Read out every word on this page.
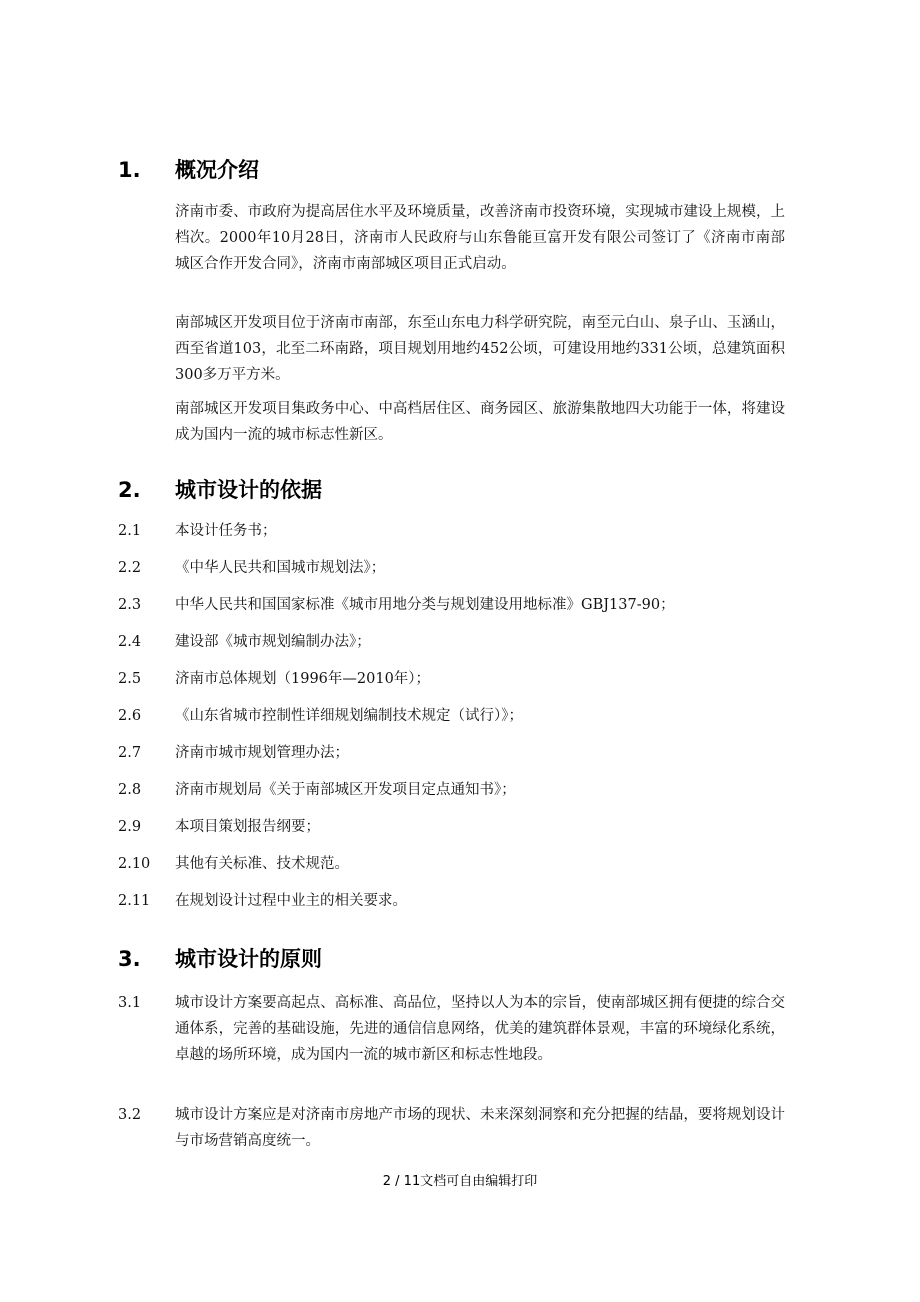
1. 概况介绍

济南市委、市政府为提高居住水平及环境质量，改善济南市投资环境，实现城市建设上规模，上档次。2000年10月28日，济南市人民政府与山东鲁能亘富开发有限公司签订了《济南市南部城区合作开发合同》，济南市南部城区项目正式启动。

南部城区开发项目位于济南市南部，东至山东电力科学研究院，南至元白山、泉子山、玉涵山，西至省道103，北至二环南路，项目规划用地约452公顷，可建设用地约331公顷，总建筑面积300多万平方米。

南部城区开发项目集政务中心、中高档居住区、商务园区、旅游集散地四大功能于一体，将建设成为国内一流的城市标志性新区。

2. 城市设计的依据
2.1 本设计任务书；
2.2 《中华人民共和国城市规划法》；
2.3 中华人民共和国国家标准《城市用地分类与规划建设用地标准》GBJ137-90；
2.4 建设部《城市规划编制办法》；
2.5 济南市总体规划（1996年—2010年）；
2.6 《山东省城市控制性详细规划编制技术规定（试行）》；
2.7 济南市城市规划管理办法；
2.8 济南市规划局《关于南部城区开发项目定点通知书》；
2.9 本项目策划报告纲要；
2.10 其他有关标准、技术规范。
2.11 在规划设计过程中业主的相关要求。
3. 城市设计的原则
3.1 城市设计方案要高起点、高标准、高品位，坚持以人为本的宗旨，使南部城区拥有便捷的综合交通体系，完善的基础设施，先进的通信信息网络，优美的建筑群体景观，丰富的环境绿化系统，卓越的场所环境，成为国内一流的城市新区和标志性地段。

3.2 城市设计方案应是对济南市房地产市场的现状、未来深刻洞察和充分把握的结晶，要将规划设计与市场营销高度统一。

2 / 11文档可自由编辑打印
